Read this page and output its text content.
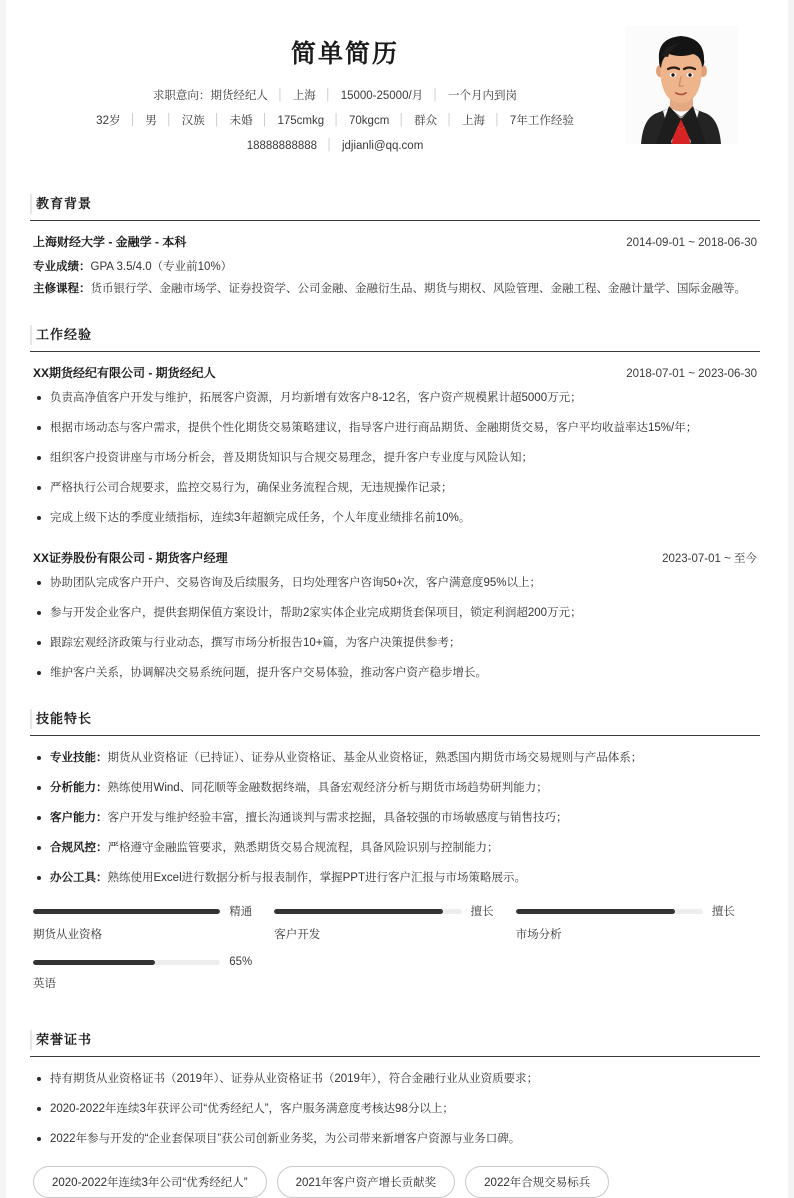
简单简历
求职意向：期货经纪人 │ 上海 │ 15000-25000/月 │ 一个月内到岗
32岁 │ 男 │ 汉族 │ 未婚 │ 175cmkg │ 70kgcm │ 群众 │ 上海 │ 7年工作经验
18888888888 │ jdjianli@qq.com
教育背景
上海财经大学 - 金融学 - 本科	2014-09-01 ~ 2018-06-30
专业成绩：GPA 3.5/4.0（专业前10%）
主修课程：货币银行学、金融市场学、证券投资学、公司金融、金融衍生品、期货与期权、风险管理、金融工程、金融计量学、国际金融等。
工作经验
XX期货经纪有限公司 - 期货经纪人	2018-07-01 ~ 2023-06-30
负责高净值客户开发与维护，拓展客户资源，月均新增有效客户8-12名，客户资产规模累计超5000万元；
根据市场动态与客户需求，提供个性化期货交易策略建议，指导客户进行商品期货、金融期货交易，客户平均收益率达15%/年；
组织客户投资讲座与市场分析会，普及期货知识与合规交易理念，提升客户专业度与风险认知；
严格执行公司合规要求，监控交易行为，确保业务流程合规，无违规操作记录；
完成上级下达的季度业绩指标，连续3年超额完成任务，个人年度业绩排名前10%。
XX证券股份有限公司 - 期货客户经理	2023-07-01 ~ 至今
协助团队完成客户开户、交易咨询及后续服务，日均处理客户咨询50+次，客户满意度95%以上；
参与开发企业客户，提供套期保值方案设计，帮助2家实体企业完成期货套保项目，锁定利润超200万元；
跟踪宏观经济政策与行业动态，撰写市场分析报告10+篇，为客户决策提供参考；
维护客户关系，协调解决交易系统问题，提升客户交易体验，推动客户资产稳步增长。
技能特长
专业技能：期货从业资格证（已持证）、证券从业资格证、基金从业资格证，熟悉国内期货市场交易规则与产品体系；
分析能力：熟练使用Wind、同花顺等金融数据终端，具备宏观经济分析与期货市场趋势研判能力；
客户能力：客户开发与维护经验丰富，擅长沟通谈判与需求挖掘，具备较强的市场敏感度与销售技巧；
合规风控：严格遵守金融监管要求，熟悉期货交易合规流程，具备风险识别与控制能力；
办公工具：熟练使用Excel进行数据分析与报表制作，掌握PPT进行客户汇报与市场策略展示。
精通
期货从业资格
擅长
客户开发
擅长
市场分析
65%
英语
荣誉证书
持有期货从业资格证书（2019年）、证券从业资格证书（2019年），符合金融行业从业资质要求；
2020-2022年连续3年获评公司“优秀经纪人”，客户服务满意度考核达98分以上；
2022年参与开发的“企业套保项目”获公司创新业务奖，为公司带来新增客户资源与业务口碑。
2020-2022年连续3年公司“优秀经纪人”	2021年客户资产增长贡献奖	2022年合规交易标兵
